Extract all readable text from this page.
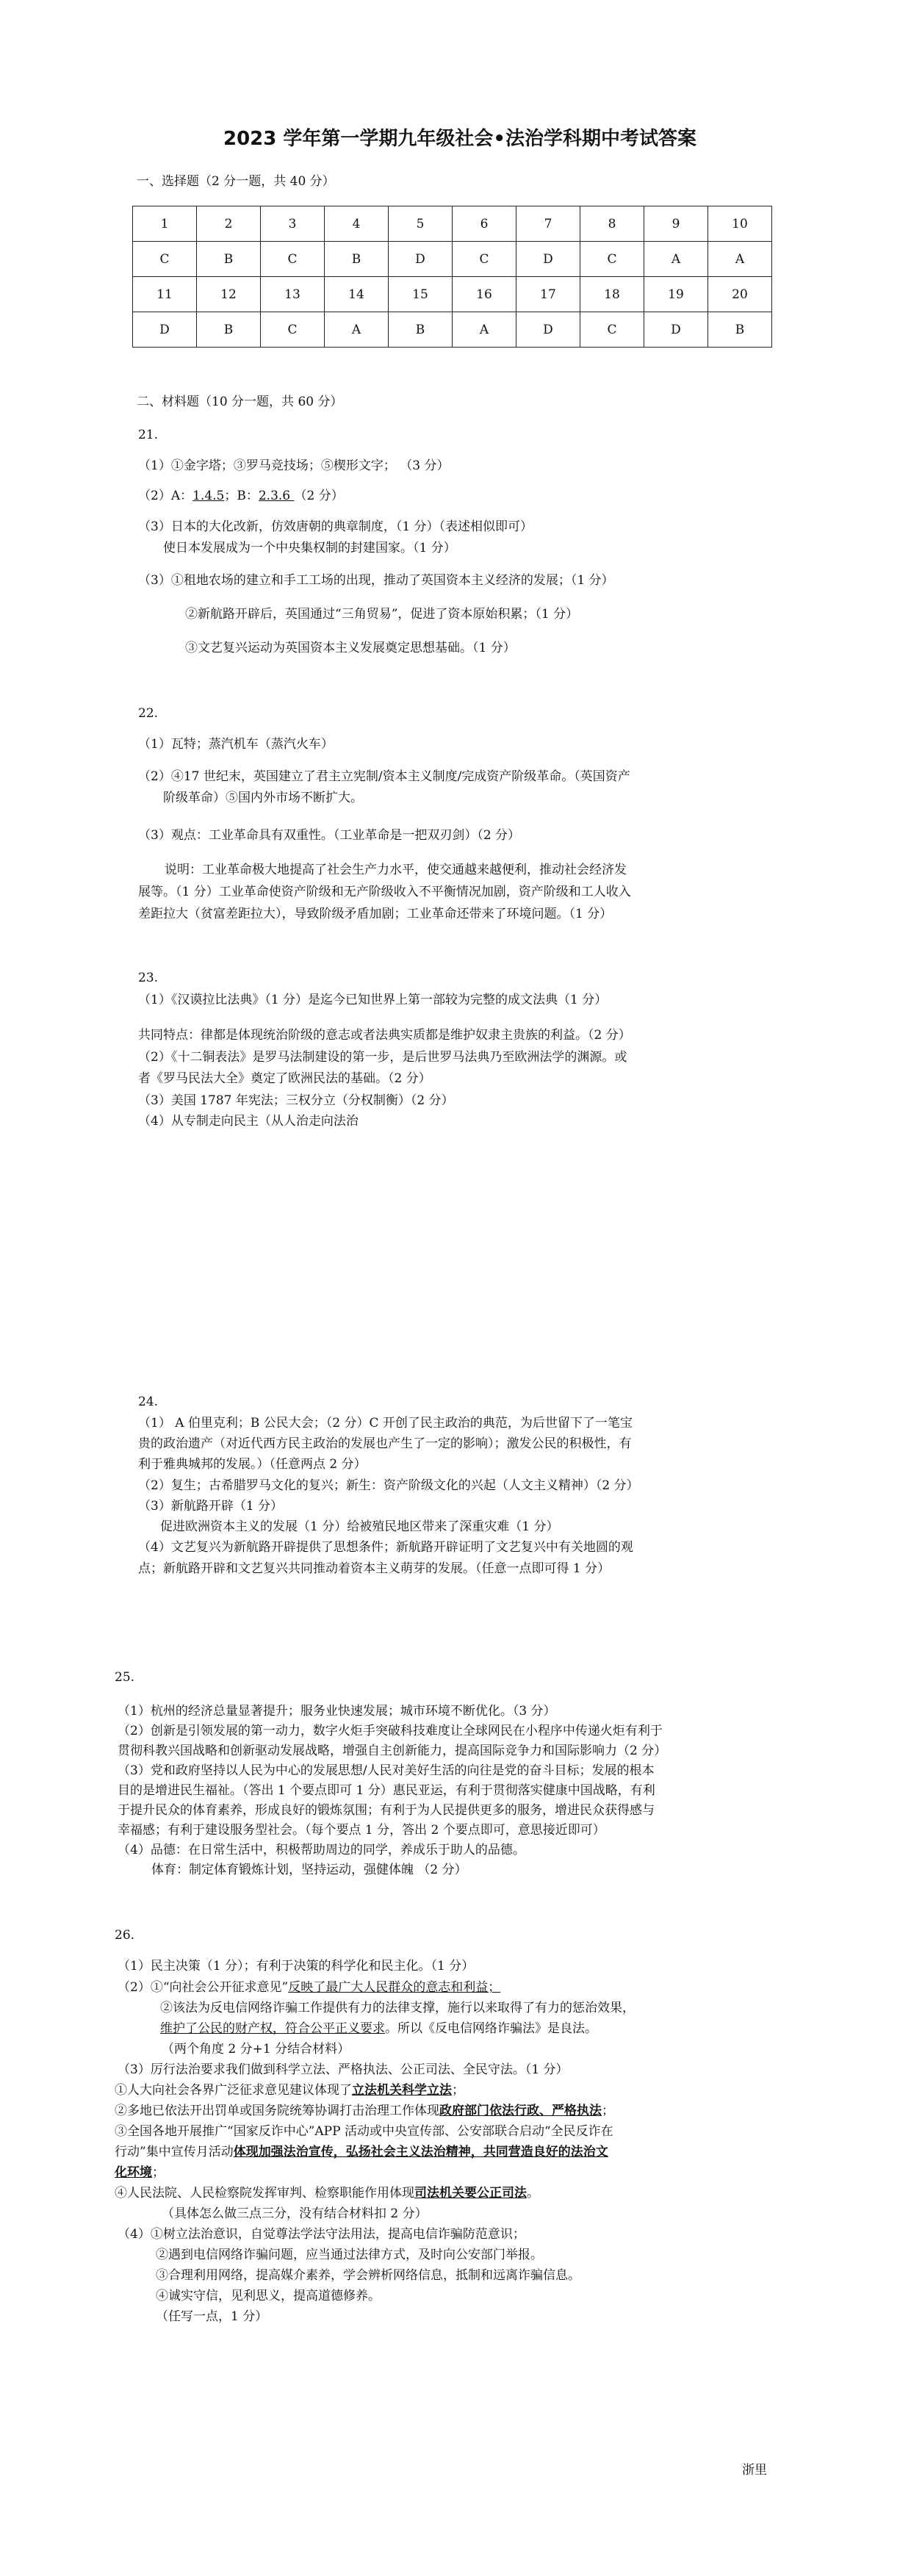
2023 学年第一学期九年级社会•法治学科期中考试答案
一、选择题（2 分一题，共 40 分）
1	2	3	4	5	6	7	8	9	10
C	B	C	B	D	C	D	C	A	A
11	12	13	14	15	16	17	18	19	20
D	B	C	A	B	A	D	C	D	B
二、材料题（10 分一题，共 60 分）
21.
（1）①金字塔；③罗马竞技场；⑤楔形文字； （3 分）
（2）A：1.4.5；B：2.3.6 （2 分）
（3）日本的大化改新，仿效唐朝的典章制度，（1 分）（表述相似即可）
使日本发展成为一个中央集权制的封建国家。（1 分）
（3）①租地农场的建立和手工工场的出现，推动了英国资本主义经济的发展；（1 分）
②新航路开辟后，英国通过“三角贸易”，促进了资本原始积累；（1 分）
③文艺复兴运动为英国资本主义发展奠定思想基础。（1 分）
22.
（1）瓦特；蒸汽机车（蒸汽火车）
（2）④17 世纪末，英国建立了君主立宪制/资本主义制度/完成资产阶级革命。（英国资产
阶级革命）⑤国内外市场不断扩大。
（3）观点：工业革命具有双重性。（工业革命是一把双刃剑）（2 分）
说明：工业革命极大地提高了社会生产力水平，使交通越来越便利，推动社会经济发
展等。（1 分）工业革命使资产阶级和无产阶级收入不平衡情况加剧，资产阶级和工人收入
差距拉大（贫富差距拉大），导致阶级矛盾加剧；工业革命还带来了环境问题。（1 分）
23.
（1）《汉谟拉比法典》（1 分）是迄今已知世界上第一部较为完整的成文法典（1 分）
共同特点：律都是体现统治阶级的意志或者法典实质都是维护奴隶主贵族的利益。（2 分）
（2）《十二铜表法》是罗马法制建设的第一步，是后世罗马法典乃至欧洲法学的渊源。或
者《罗马民法大全》奠定了欧洲民法的基础。（2 分）
（3）美国 1787 年宪法；三权分立（分权制衡）（2 分）
（4）从专制走向民主（从人治走向法治
24.
（1） A 伯里克利；B 公民大会；（2 分）C 开创了民主政治的典范，为后世留下了一笔宝
贵的政治遗产（对近代西方民主政治的发展也产生了一定的影响）；激发公民的积极性，有
利于雅典城邦的发展。）（任意两点 2 分）
（2）复生；古希腊罗马文化的复兴；新生：资产阶级文化的兴起（人文主义精神）（2 分）
（3）新航路开辟（1 分）
促进欧洲资本主义的发展（1 分）给被殖民地区带来了深重灾难（1 分）
（4）文艺复兴为新航路开辟提供了思想条件；新航路开辟证明了文艺复兴中有关地圆的观
点；新航路开辟和文艺复兴共同推动着资本主义萌芽的发展。（任意一点即可得 1 分）
25.
（1）杭州的经济总量显著提升；服务业快速发展；城市环境不断优化。（3 分）
（2）创新是引领发展的第一动力，数字火炬手突破科技难度让全球网民在小程序中传递火炬有利于
贯彻科教兴国战略和创新驱动发展战略，增强自主创新能力，提高国际竞争力和国际影响力（2 分）
（3）党和政府坚持以人民为中心的发展思想/人民对美好生活的向往是党的奋斗目标；发展的根本
目的是增进民生福祉。（答出 1 个要点即可 1 分）惠民亚运，有利于贯彻落实健康中国战略，有利
于提升民众的体育素养，形成良好的锻炼氛围；有利于为人民提供更多的服务，增进民众获得感与
幸福感；有利于建设服务型社会。（每个要点 1 分，答出 2 个要点即可，意思接近即可）
（4）品德：在日常生活中，积极帮助周边的同学，养成乐于助人的品德。
体育：制定体育锻炼计划，坚持运动，强健体魄 （2 分）
26.
（1）民主决策（1 分）；有利于决策的科学化和民主化。（1 分）
（2）①“向社会公开征求意见”反映了最广大人民群众的意志和利益；
②该法为反电信网络诈骗工作提供有力的法律支撑，施行以来取得了有力的惩治效果，
维护了公民的财产权，符合公平正义要求。所以《反电信网络诈骗法》是良法。
（两个角度 2 分+1 分结合材料）
（3）厉行法治要求我们做到科学立法、严格执法、公正司法、全民守法。（1 分）
①人大向社会各界广泛征求意见建议体现了立法机关科学立法；
②多地已依法开出罚单或国务院统筹协调打击治理工作体现政府部门依法行政、严格执法；
③全国各地开展推广“国家反诈中心”APP 活动或中央宣传部、公安部联合启动“全民反诈在
行动”集中宣传月活动体现加强法治宣传，弘扬社会主义法治精神，共同营造良好的法治文
化环境；
④人民法院、人民检察院发挥审判、检察职能作用体现司法机关要公正司法。
（具体怎么做三点三分，没有结合材料扣 2 分）
（4）①树立法治意识，自觉尊法学法守法用法，提高电信诈骗防范意识；
②遇到电信网络诈骗问题，应当通过法律方式，及时向公安部门举报。
③合理利用网络，提高媒介素养，学会辨析网络信息，抵制和远离诈骗信息。
④诚实守信，见利思义，提高道德修养。
（任写一点，1 分）
浙里
